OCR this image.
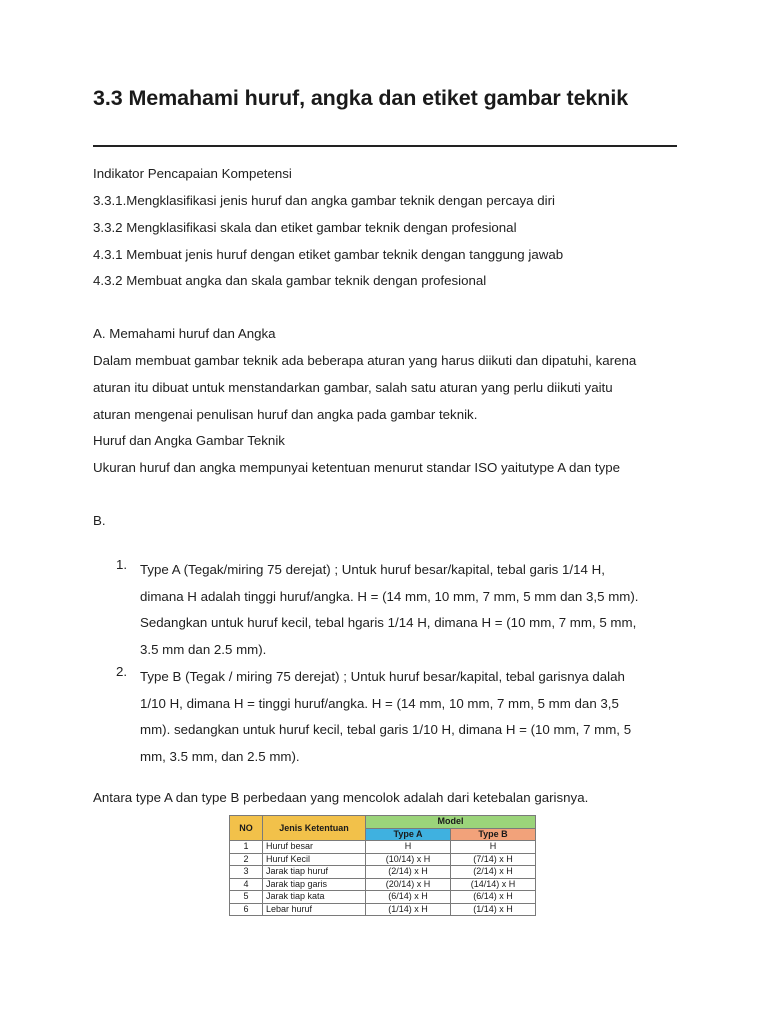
3.3 Memahami huruf, angka dan etiket gambar teknik
Indikator Pencapaian Kompetensi
3.3.1.Mengklasifikasi jenis huruf dan angka gambar teknik dengan percaya diri
3.3.2 Mengklasifikasi skala dan etiket gambar teknik dengan profesional
4.3.1 Membuat jenis huruf dengan etiket gambar teknik dengan tanggung jawab
4.3.2 Membuat angka dan skala gambar teknik dengan profesional
A. Memahami huruf dan Angka
Dalam membuat gambar teknik ada beberapa aturan yang harus diikuti dan dipatuhi, karena
aturan itu dibuat untuk menstandarkan gambar, salah satu aturan yang perlu diikuti yaitu
aturan mengenai penulisan huruf dan angka pada gambar teknik.
Huruf dan Angka Gambar Teknik
Ukuran huruf dan angka mempunyai ketentuan menurut standar ISO yaitutype A dan type
B.
1. Type A (Tegak/miring 75 derejat) ; Untuk huruf besar/kapital, tebal garis 1/14 H,
dimana H adalah tinggi huruf/angka. H = (14 mm, 10 mm, 7 mm, 5 mm dan 3,5 mm).
Sedangkan untuk huruf kecil, tebal hgaris 1/14 H, dimana H = (10 mm, 7 mm, 5 mm,
3.5 mm dan 2.5 mm).
2. Type B (Tegak / miring 75 derejat) ; Untuk huruf besar/kapital, tebal garisnya dalah
1/10 H, dimana H = tinggi huruf/angka. H = (14 mm, 10 mm, 7 mm, 5 mm dan 3,5
mm). sedangkan untuk huruf kecil, tebal garis 1/10 H, dimana H = (10 mm, 7 mm, 5
mm, 3.5 mm, dan 2.5 mm).
Antara type A dan type B perbedaan yang mencolok adalah dari ketebalan garisnya.
NO	Jenis Ketentuan	Model	
		Type A	Type B
1	Huruf besar	H	H
2	Huruf Kecil	(10/14) x H	(7/14) x H
3	Jarak tiap huruf	(2/14) x H	(2/14) x H
4	Jarak tiap garis	(20/14) x H	(14/14) x H
5	Jarak tiap kata	(6/14) x H	(6/14) x H
6	Lebar huruf	(1/14) x H	(1/14) x H
